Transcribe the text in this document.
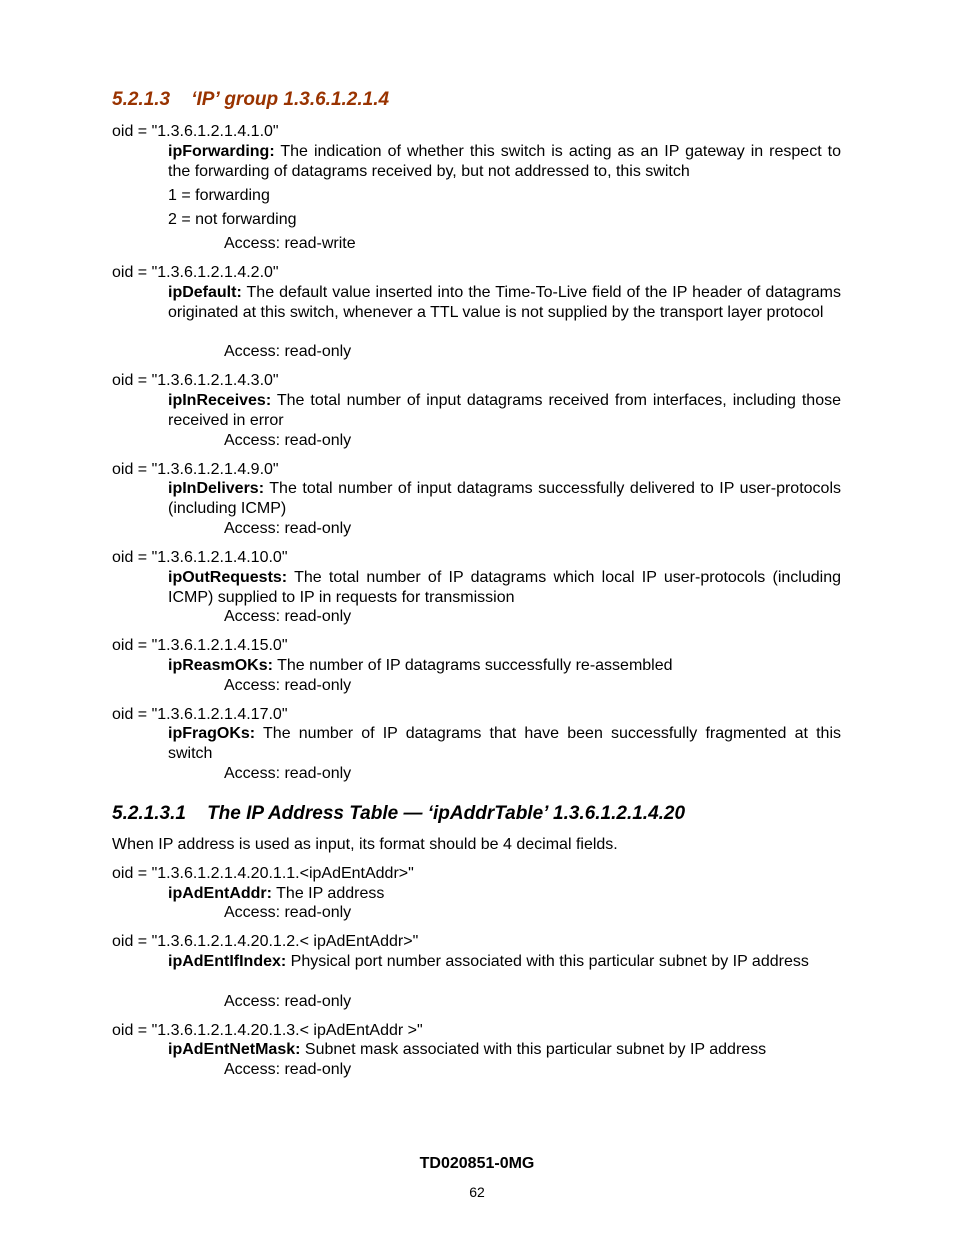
5.2.1.3 ‘IP’ group 1.3.6.1.2.1.4
oid = "1.3.6.1.2.1.4.1.0"
ipForwarding: The indication of whether this switch is acting as an IP gateway in respect to the forwarding of datagrams received by, but not addressed to, this switch
1 = forwarding
2 = not forwarding
Access: read-write
oid = "1.3.6.1.2.1.4.2.0"
ipDefault: The default value inserted into the Time-To-Live field of the IP header of datagrams originated at this switch, whenever a TTL value is not supplied by the transport layer protocol
Access: read-only
oid = "1.3.6.1.2.1.4.3.0"
ipInReceives: The total number of input datagrams received from interfaces, including those received in error
Access: read-only
oid = "1.3.6.1.2.1.4.9.0"
ipInDelivers: The total number of input datagrams successfully delivered to IP user-protocols (including ICMP)
Access: read-only
oid = "1.3.6.1.2.1.4.10.0"
ipOutRequests: The total number of IP datagrams which local IP user-protocols (including ICMP) supplied to IP in requests for transmission
Access: read-only
oid = "1.3.6.1.2.1.4.15.0"
ipReasmOKs: The number of IP datagrams successfully re-assembled
Access: read-only
oid = "1.3.6.1.2.1.4.17.0"
ipFragOKs: The number of IP datagrams that have been successfully fragmented at this switch
Access: read-only
5.2.1.3.1 The IP Address Table — ‘ipAddrTable’ 1.3.6.1.2.1.4.20
When IP address is used as input, its format should be 4 decimal fields.
oid = "1.3.6.1.2.1.4.20.1.1.<ipAdEntAddr>"
ipAdEntAddr: The IP address
Access: read-only
oid = "1.3.6.1.2.1.4.20.1.2.< ipAdEntAddr>"
ipAdEntIfIndex: Physical port number associated with this particular subnet by IP address
Access: read-only
oid = "1.3.6.1.2.1.4.20.1.3.< ipAdEntAddr >"
ipAdEntNetMask: Subnet mask associated with this particular subnet by IP address
Access: read-only
TD020851-0MG
62
